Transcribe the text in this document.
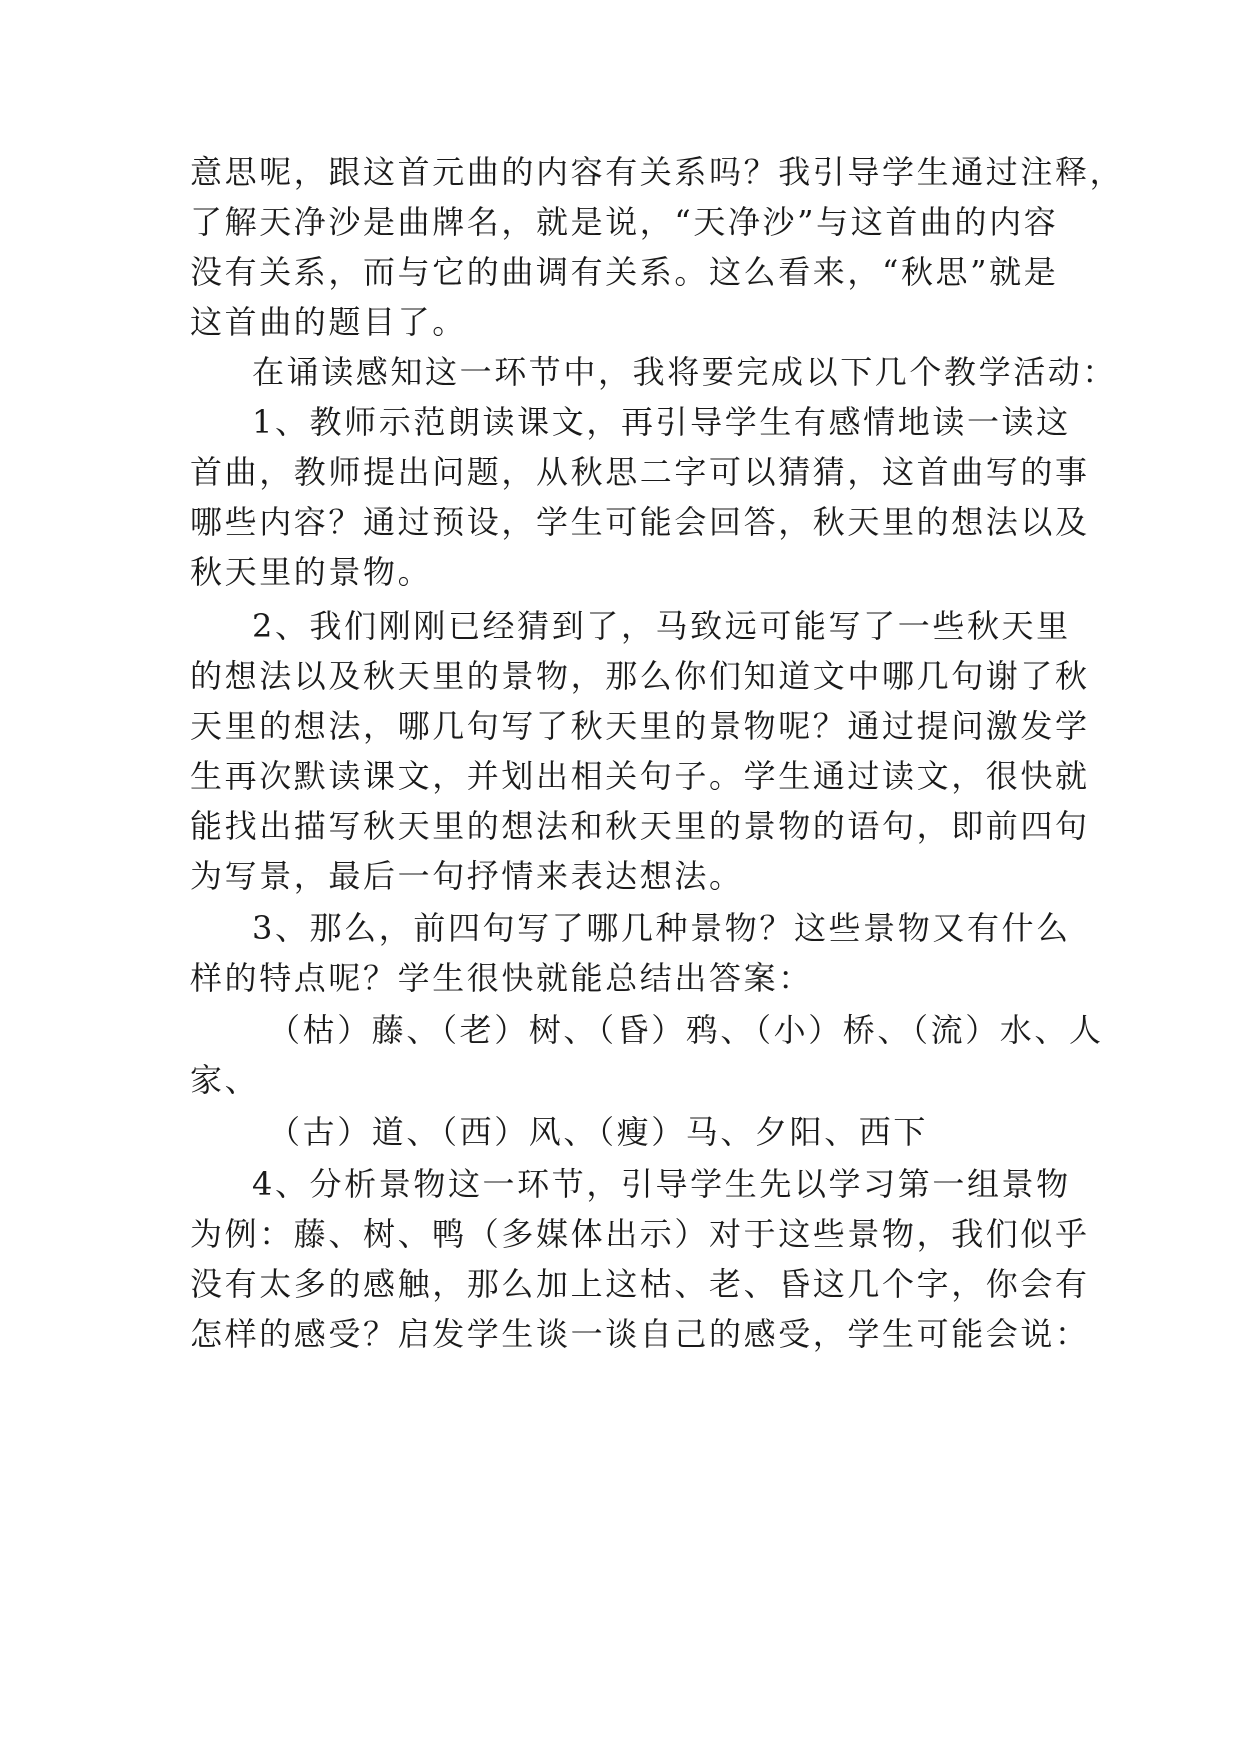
意思呢，跟这首元曲的内容有关系吗？我引导学生通过注释，
了解天净沙是曲牌名，就是说，“天净沙”与这首曲的内容
没有关系，而与它的曲调有关系。这么看来，“秋思”就是
这首曲的题目了。
在诵读感知这一环节中，我将要完成以下几个教学活动：
1、教师示范朗读课文，再引导学生有感情地读一读这
首曲，教师提出问题，从秋思二字可以猜猜，这首曲写的事
哪些内容？通过预设，学生可能会回答，秋天里的想法以及
秋天里的景物。
2、我们刚刚已经猜到了，马致远可能写了一些秋天里
的想法以及秋天里的景物，那么你们知道文中哪几句谢了秋
天里的想法，哪几句写了秋天里的景物呢？通过提问激发学
生再次默读课文，并划出相关句子。学生通过读文，很快就
能找出描写秋天里的想法和秋天里的景物的语句，即前四句
为写景，最后一句抒情来表达想法。
3、那么，前四句写了哪几种景物？这些景物又有什么
样的特点呢？学生很快就能总结出答案：
（枯）藤、（老）树、（昏）鸦、（小）桥、（流）水、人
家、
（古）道、（西）风、（瘦）马、夕阳、西下
4、分析景物这一环节，引导学生先以学习第一组景物
为例：藤、树、鸭（多媒体出示）对于这些景物，我们似乎
没有太多的感触，那么加上这枯、老、昏这几个字，你会有
怎样的感受？启发学生谈一谈自己的感受，学生可能会说：
